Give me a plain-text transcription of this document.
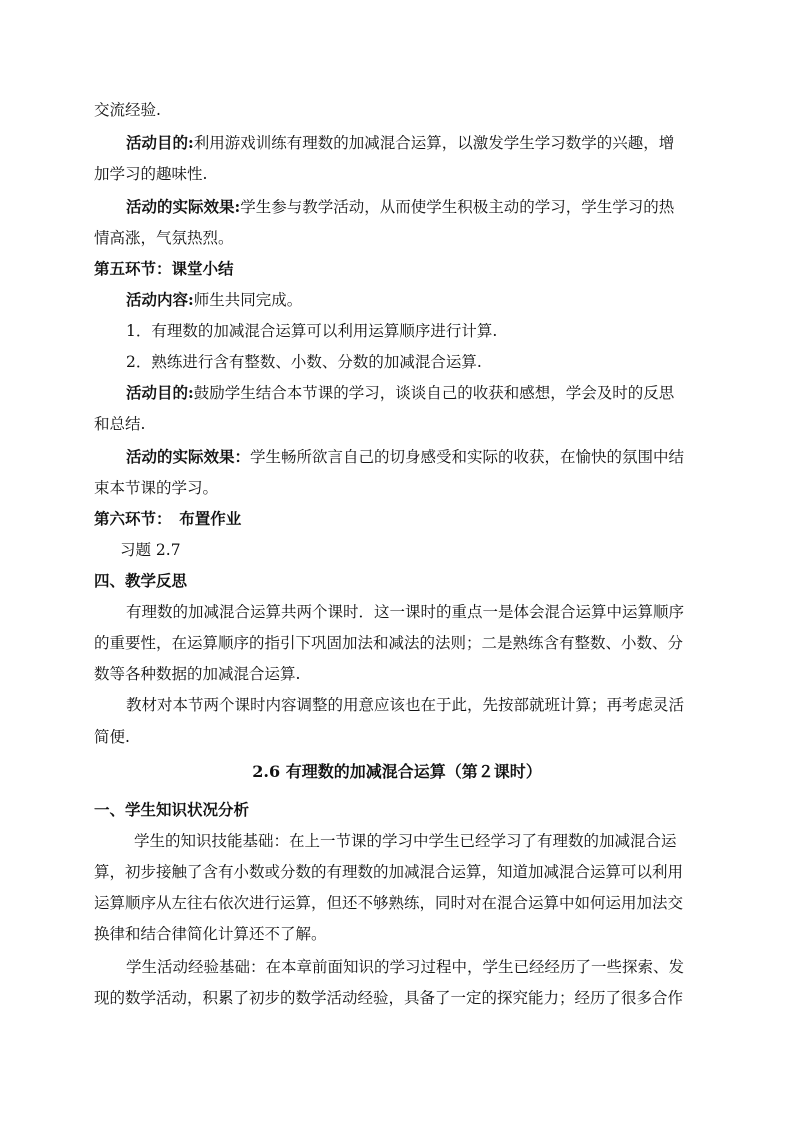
交流经验.
活动目的:利用游戏训练有理数的加减混合运算，以激发学生学习数学的兴趣，增
加学习的趣味性.
活动的实际效果:学生参与教学活动，从而使学生积极主动的学习，学生学习的热
情高涨，气氛热烈。
第五环节：课堂小结
活动内容:师生共同完成。
1．有理数的加减混合运算可以利用运算顺序进行计算.
2．熟练进行含有整数、小数、分数的加减混合运算.
活动目的:鼓励学生结合本节课的学习，谈谈自己的收获和感想，学会及时的反思
和总结.
活动的实际效果：学生畅所欲言自己的切身感受和实际的收获，在愉快的氛围中结
束本节课的学习。
第六环节：　布置作业
习题 2.7
四、教学反思
有理数的加减混合运算共两个课时．这一课时的重点一是体会混合运算中运算顺序
的重要性，在运算顺序的指引下巩固加法和减法的法则；二是熟练含有整数、小数、分
数等各种数据的加减混合运算.
教材对本节两个课时内容调整的用意应该也在于此，先按部就班计算；再考虑灵活
简便.
2.6 有理数的加减混合运算（第２课时）
一、学生知识状况分析
学生的知识技能基础：在上一节课的学习中学生已经学习了有理数的加减混合运
算，初步接触了含有小数或分数的有理数的加减混合运算，知道加减混合运算可以利用
运算顺序从左往右依次进行运算，但还不够熟练，同时对在混合运算中如何运用加法交
换律和结合律简化计算还不了解。
学生活动经验基础：在本章前面知识的学习过程中，学生已经经历了一些探索、发
现的数学活动，积累了初步的数学活动经验，具备了一定的探究能力；经历了很多合作
